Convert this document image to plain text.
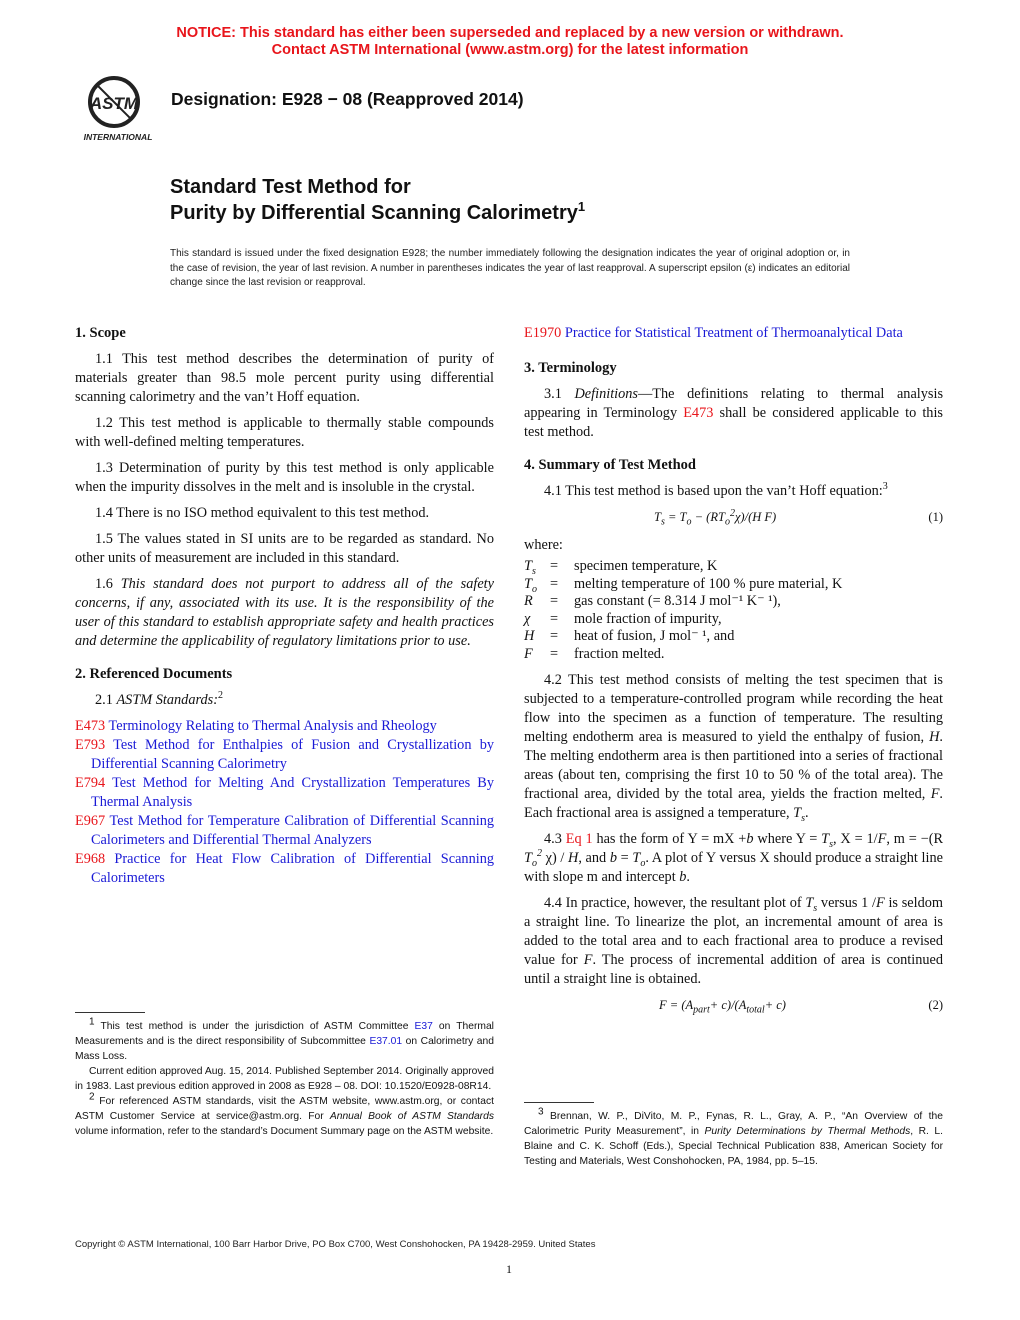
NOTICE: This standard has either been superseded and replaced by a new version or withdrawn.
Contact ASTM International (www.astm.org) for the latest information
ASTM
INTERNATIONAL
Designation: E928 − 08 (Reapproved 2014)
Standard Test Method for
Purity by Differential Scanning Calorimetry$^1$
This standard is issued under the fixed designation E928; the number immediately following the designation indicates the year of original adoption or, in the case of revision, the year of last revision. A number in parentheses indicates the year of last reapproval. A superscript epsilon (ε) indicates an editorial change since the last revision or reapproval.
1. Scope

1.1 This test method describes the determination of purity of materials greater than 98.5 mole percent purity using differential scanning calorimetry and the van’t Hoff equation.

1.2 This test method is applicable to thermally stable compounds with well-defined melting temperatures.

1.3 Determination of purity by this test method is only applicable when the impurity dissolves in the melt and is insoluble in the crystal.

1.4 There is no ISO method equivalent to this test method.

1.5 The values stated in SI units are to be regarded as standard. No other units of measurement are included in this standard.

1.6 This standard does not purport to address all of the safety concerns, if any, associated with its use. It is the responsibility of the user of this standard to establish appropriate safety and health practices and determine the applicability of regulatory limitations prior to use.

2. Referenced Documents

2.1 ASTM Standards:$^2$

E473 Terminology Relating to Thermal Analysis and Rheology
E793 Test Method for Enthalpies of Fusion and Crystallization by Differential Scanning Calorimetry
E794 Test Method for Melting And Crystallization Temperatures By Thermal Analysis
E967 Test Method for Temperature Calibration of Differential Scanning Calorimeters and Differential Thermal Analyzers
E968 Practice for Heat Flow Calibration of Differential Scanning Calorimeters

$^1$ This test method is under the jurisdiction of ASTM Committee E37 on Thermal Measurements and is the direct responsibility of Subcommittee E37.01 on Calorimetry and Mass Loss.

Current edition approved Aug. 15, 2014. Published September 2014. Originally approved in 1983. Last previous edition approved in 2008 as E928 – 08. DOI: 10.1520/E0928-08R14.

$^2$ For referenced ASTM standards, visit the ASTM website, www.astm.org, or contact ASTM Customer Service at service@astm.org. For Annual Book of ASTM Standards volume information, refer to the standard’s Document Summary page on the ASTM website.

E1970 Practice for Statistical Treatment of Thermoanalytical Data
3. Terminology

3.1 Definitions—The definitions relating to thermal analysis appearing in Terminology E473 shall be considered applicable to this test method.

4. Summary of Test Method

4.1 This test method is based upon the van’t Hoff equation:$^3$

$T_s = T_o - (RT_o^2\chi)/(H$ F)	(1)
where:
$T_s$	=	specimen temperature, K
$T_o$	=	melting temperature of 100 % pure material, K
R	=	gas constant (= 8.314 J mol⁻¹ K⁻ ¹),
χ	=	mole fraction of impurity,
H	=	heat of fusion, J mol⁻ ¹, and
F	=	fraction melted.

4.2 This test method consists of melting the test specimen that is subjected to a temperature-controlled program while recording the heat flow into the specimen as a function of temperature. The resulting melting endotherm area is measured to yield the enthalpy of fusion, H. The melting endotherm area is then partitioned into a series of fractional areas (about ten, comprising the first 10 to 50 % of the total area). The fractional area, divided by the total area, yields the fraction melted, F. Each fractional area is assigned a temperature, $T_s$.

4.3 Eq 1 has the form of Y = mX +b where $Y = T_s$, X = 1/F, m = −(R $T_o^2$ χ) / H, and $b = T_o$. A plot of Y versus X should produce a straight line with slope m and intercept b.

4.4 In practice, however, the resultant plot of $T_s$ versus 1 /F is seldom a straight line. To linearize the plot, an incremental amount of area is added to the total area and to each fractional area to produce a revised value for F. The process of incremental addition of area is continued until a straight line is obtained.

$F = (A_{part}+ c)/(A_{total}+ c)$	(2)

$^3$ Brennan, W. P., DiVito, M. P., Fynas, R. L., Gray, A. P., “An Overview of the Calorimetric Purity Measurement”, in Purity Determinations by Thermal Methods, R. L. Blaine and C. K. Schoff (Eds.), Special Technical Publication 838, American Society for Testing and Materials, West Conshohocken, PA, 1984, pp. 5–15.

Copyright © ASTM International, 100 Barr Harbor Drive, PO Box C700, West Conshohocken, PA 19428-2959. United States
1
